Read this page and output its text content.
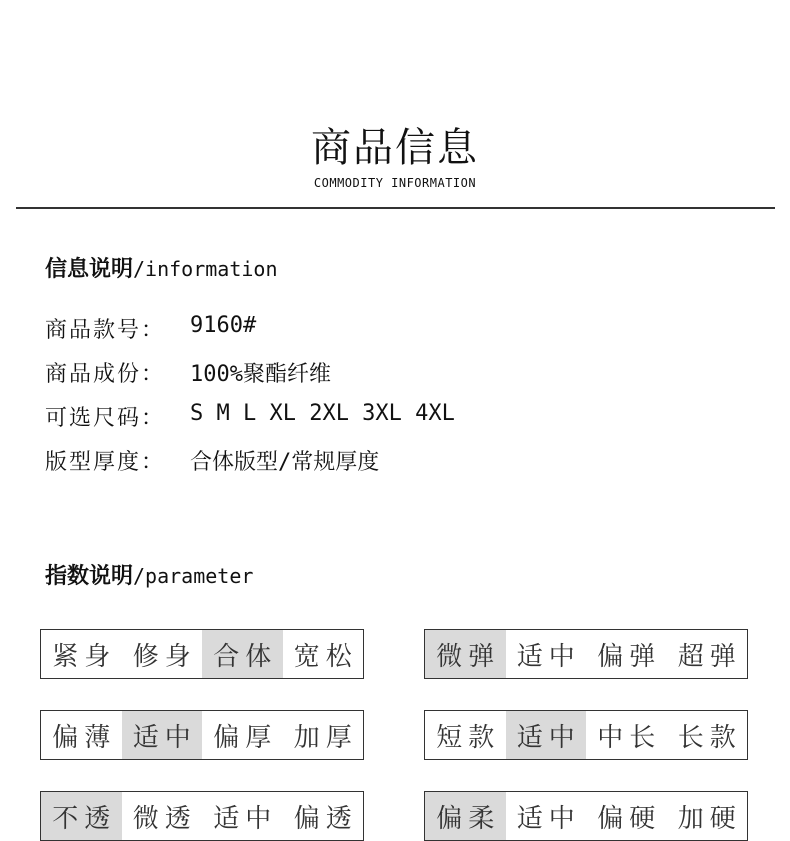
商品信息
COMMODITY INFORMATION
信息说明/information
商品款号：	9160#
商品成份：	100%聚酯纤维
可选尺码：	S M L XL 2XL 3XL 4XL
版型厚度：	合体版型/常规厚度
指数说明/parameter
紧身 修身 合体 宽松	微弹 适中 偏弹 超弹
偏薄 适中 偏厚 加厚	短款 适中 中长 长款
不透 微透 适中 偏透	偏柔 适中 偏硬 加硬
